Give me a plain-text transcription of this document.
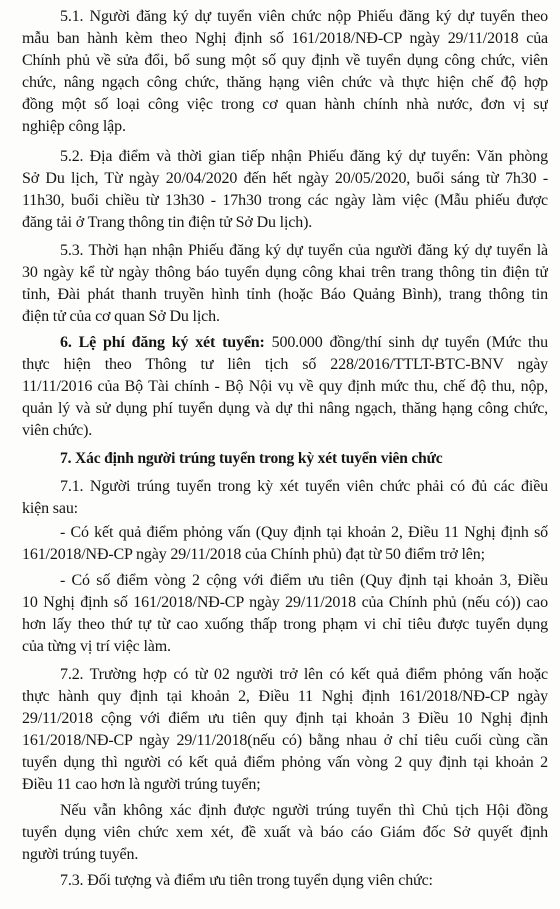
5.1. Người đăng ký dự tuyển viên chức nộp Phiếu đăng ký dự tuyển theo
mẫu ban hành kèm theo Nghị định số 161/2018/NĐ-CP ngày 29/11/2018 của
Chính phủ về sửa đổi, bổ sung một số quy định về tuyển dụng công chức, viên
chức, nâng ngạch công chức, thăng hạng viên chức và thực hiện chế độ hợp
đồng một số loại công việc trong cơ quan hành chính nhà nước, đơn vị sự
nghiệp công lập.
5.2. Địa điểm và thời gian tiếp nhận Phiếu đăng ký dự tuyển: Văn phòng
Sở Du lịch, Từ ngày 20/04/2020 đến hết ngày 20/05/2020, buổi sáng từ 7h30 -
11h30, buổi chiều từ 13h30 - 17h30 trong các ngày làm việc (Mẫu phiếu được
đăng tải ở Trang thông tin điện tử Sở Du lịch).
5.3. Thời hạn nhận Phiếu đăng ký dự tuyển của người đăng ký dự tuyển là
30 ngày kể từ ngày thông báo tuyển dụng công khai trên trang thông tin điện tử
tỉnh, Đài phát thanh truyền hình tỉnh (hoặc Báo Quảng Bình), trang thông tin
điện tử của cơ quan Sở Du lịch.
6. Lệ phí đăng ký xét tuyển: 500.000 đồng/thí sinh dự tuyển (Mức thu
thực hiện theo Thông tư liên tịch số 228/2016/TTLT-BTC-BNV ngày
11/11/2016 của Bộ Tài chính - Bộ Nội vụ về quy định mức thu, chế độ thu, nộp,
quản lý và sử dụng phí tuyển dụng và dự thi nâng ngạch, thăng hạng công chức,
viên chức).
7. Xác định người trúng tuyển trong kỳ xét tuyển viên chức
7.1. Người trúng tuyển trong kỳ xét tuyển viên chức phải có đủ các điều
kiện sau:
- Có kết quả điểm phỏng vấn (Quy định tại khoản 2, Điều 11 Nghị định số
161/2018/NĐ-CP ngày 29/11/2018 của Chính phủ) đạt từ 50 điểm trở lên;
- Có số điểm vòng 2 cộng với điểm ưu tiên (Quy định tại khoản 3, Điều
10 Nghị định số 161/2018/NĐ-CP ngày 29/11/2018 của Chính phủ (nếu có)) cao
hơn lấy theo thứ tự từ cao xuống thấp trong phạm vi chỉ tiêu được tuyển dụng
của từng vị trí việc làm.
7.2. Trường hợp có từ 02 người trở lên có kết quả điểm phỏng vấn hoặc
thực hành quy định tại khoản 2, Điều 11 Nghị định 161/2018/NĐ-CP ngày
29/11/2018 cộng với điểm ưu tiên quy định tại khoản 3 Điều 10 Nghị định
161/2018/NĐ-CP ngày 29/11/2018(nếu có) bằng nhau ở chỉ tiêu cuối cùng cần
tuyển dụng thì người có kết quả điểm phỏng vấn vòng 2 quy định tại khoản 2
Điều 11 cao hơn là người trúng tuyển;
Nếu vẫn không xác định được người trúng tuyển thì Chủ tịch Hội đồng
tuyển dụng viên chức xem xét, đề xuất và báo cáo Giám đốc Sở quyết định
người trúng tuyển.
7.3. Đối tượng và điểm ưu tiên trong tuyển dụng viên chức:
